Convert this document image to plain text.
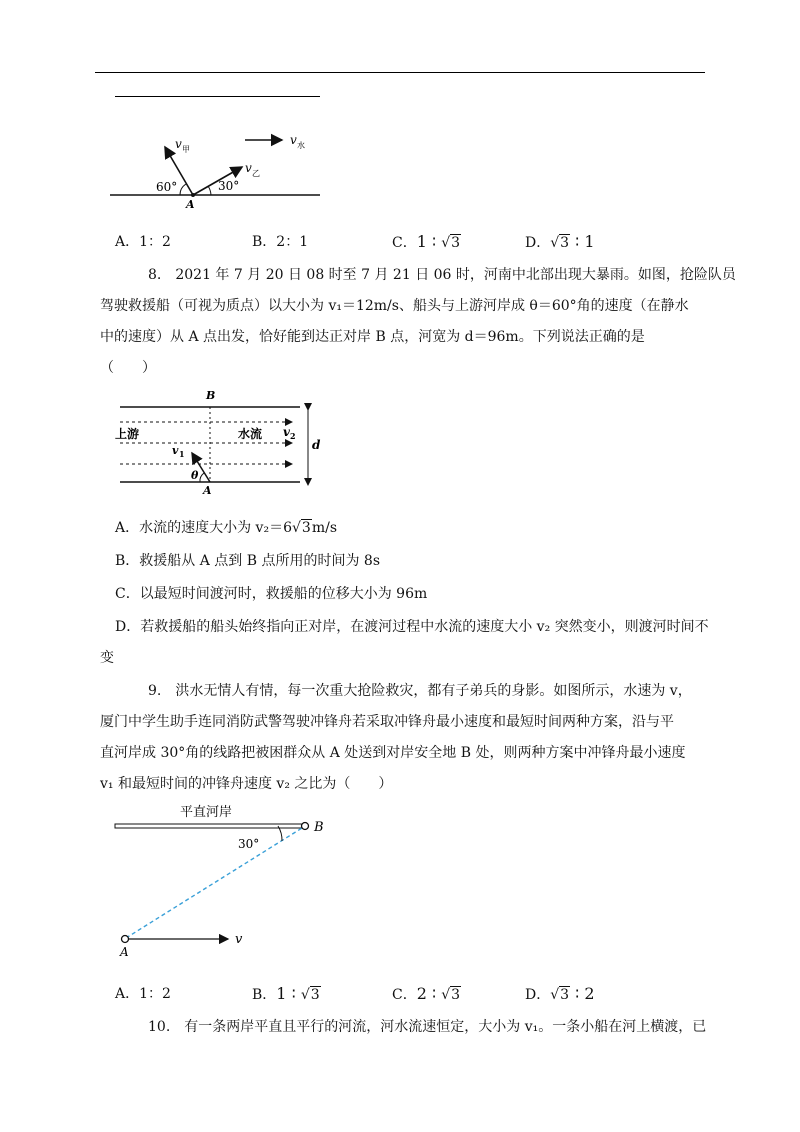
v 甲
v 乙
v 水
60°	30°
A
A．1：2	B．2：1	C．1 ∶ √3	D．√3 ∶ 1
8.　2021 年 7 月 20 日 08 时至 7 月 21 日 06 时，河南中北部出现大暴雨。如图，抢险队员
驾驶救援船（可视为质点）以大小为 v₁＝12m/s、船头与上游河岸成 θ＝60°角的速度（在静水
中的速度）从 A 点出发，恰好能到达正对岸 B 点，河宽为 d＝96m。下列说法正确的是
（　　）
B
上游	水流 v 2
d
v 1
θ
A
A．水流的速度大小为 v₂＝6√3m/s
B．救援船从 A 点到 B 点所用的时间为 8s
C．以最短时间渡河时，救援船的位移大小为 96m
D．若救援船的船头始终指向正对岸，在渡河过程中水流的速度大小 v₂ 突然变小，则渡河时间不
变
9.　洪水无情人有情，每一次重大抢险救灾，都有子弟兵的身影。如图所示，水速为 v，
厦门中学生助手连同消防武警驾驶冲锋舟若采取冲锋舟最小速度和最短时间两种方案，沿与平
直河岸成 30°角的线路把被困群众从 A 处送到对岸安全地 B 处，则两种方案中冲锋舟最小速度
v₁ 和最短时间的冲锋舟速度 v₂ 之比为（　　）
平直河岸
B
30°
v
A
A．1：2	B．1 ∶ √3	C．2 ∶ √3	D．√3 ∶ 2
10.　有一条两岸平直且平行的河流，河水流速恒定，大小为 v₁。一条小船在河上横渡，已
